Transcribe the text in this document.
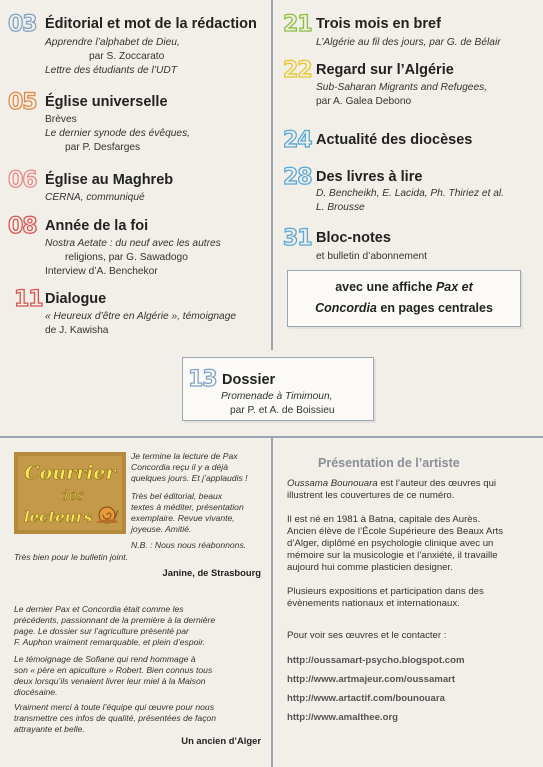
03 Éditorial et mot de la rédaction
Apprendre l’alphabet de Dieu,
par S. Zoccarato
Lettre des étudiants de l’UDT
05 Église universelle
Brèves
Le dernier synode des évêques,
par P. Desfarges
06 Église au Maghreb
CERNA, communiqué
08 Année de la foi
Nostra Aetate : du neuf avec les autres
religions, par G. Sawadogo
Interview d’A. Benchekor
11 Dialogue
« Heureux d’être en Algérie », témoignage
de J. Kawisha
21 Trois mois en bref
L’Algérie au fil des jours, par G. de Bélair
22 Regard sur l’Algérie
Sub-Saharan Migrants and Refugees,
par A. Galea Debono
24 Actualité des diocèses
28 Des livres à lire
D. Bencheikh, E. Lacida, Ph. Thiriez et al.
L. Brousse
31 Bloc-notes
et bulletin d’abonnement
avec une affiche Pax et
Concordia en pages centrales
13 Dossier
Promenade à Timimoun,
par P. et A. de Boissieu
Courrier
des
lecteurs
Je termine la lecture de Pax
Concordia reçu il y a déjà
quelques jours. Et j’applaudis !
Très bel éditorial, beaux
textes à méditer, présentation
exemplaire. Revue vivante,
joyeuse. Amitié.
N.B. : Nous nous réabonnons.
Très bien pour le bulletin joint.
Janine, de Strasbourg
Le dernier Pax et Concordia était comme les
précédents, passionnant de la première à la dernière
page. Le dossier sur l’agriculture présenté par
F. Auphon vraiment remarquable, et plein d’espoir.
Le témoignage de Sofiane qui rend hommage à
son « père en apiculture » Robert. Bien connus tous
deux lorsqu’ils venaient livrer leur miel à la Maison
diocésaine.
Vraiment merci à toute l’équipe qui œuvre pour nous
transmettre ces infos de qualité, présentées de façon
attrayante et belle.
Un ancien d’Alger
Présentation de l’artiste
Oussama Bounouara est l’auteur des œuvres qui
illustrent les couvertures de ce numéro.
Il est né en 1981 à Batna, capitale des Aurès.
Ancien élève de l’École Supérieure des Beaux Arts
d’Alger, diplômé en psychologie clinique avec un
mémoire sur la musicologie et l’anxiété, il travaille
aujourd hui comme plasticien designer.
Plusieurs expositions et participation dans des
évènements nationaux et internationaux.
Pour voir ses œuvres et le contacter :
http://oussamart-psycho.blogspot.com
http://www.artmajeur.com/oussamart
http://www.artactif.com/bounouara
http://www.amalthee.org
